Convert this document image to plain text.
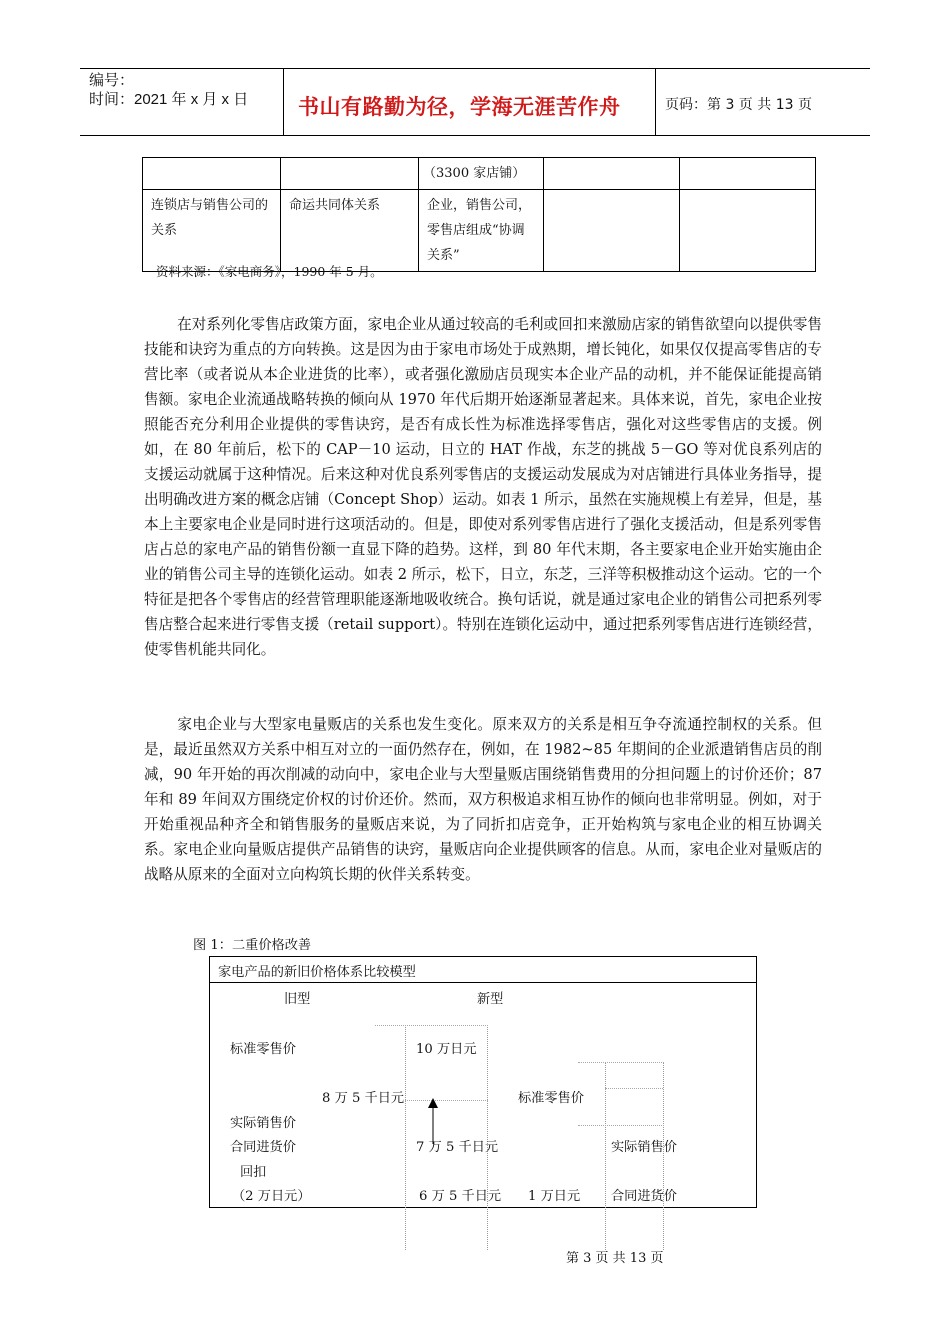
编号：
时间：2021 年 x 月 x 日 书山有路勤为径，学海无涯苦作舟	页码：第 3 页 共 13 页
		（3300 家店铺）		
连锁店与销售公司的关系	命运共同体关系	企业，销售公司，零售店组成“协调关系”		
资料来源：《家电商务》，1990 年 5 月。

在对系列化零售店政策方面，家电企业从通过较高的毛利或回扣来激励店家的销售欲望向以提供零售技能和诀窍为重点的方向转换。这是因为由于家电市场处于成熟期，增长钝化，如果仅仅提高零售店的专营比率（或者说从本企业进货的比率），或者强化激励店员现实本企业产品的动机，并不能保证能提高销售额。家电企业流通战略转换的倾向从 1970 年代后期开始逐渐显著起来。具体来说，首先，家电企业按照能否充分利用企业提供的零售诀窍，是否有成长性为标准选择零售店，强化对这些零售店的支援。例如，在 80 年前后，松下的 CAP－10 运动，日立的 HAT 作战，东芝的挑战 5－GO 等对优良系列店的支援运动就属于这种情况。后来这种对优良系列零售店的支援运动发展成为对店铺进行具体业务指导，提出明确改进方案的概念店铺（Concept Shop）运动。如表 1 所示，虽然在实施规模上有差异，但是，基本上主要家电企业是同时进行这项活动的。但是，即使对系列零售店进行了强化支援活动，但是系列零售店占总的家电产品的销售份额一直显下降的趋势。这样，到 80 年代末期，各主要家电企业开始实施由企业的销售公司主导的连锁化运动。如表 2 所示，松下，日立，东芝，三洋等积极推动这个运动。它的一个特征是把各个零售店的经营管理职能逐渐地吸收统合。换句话说，就是通过家电企业的销售公司把系列零售店整合起来进行零售支援（retail support）。特别在连锁化运动中，通过把系列零售店进行连锁经营，使零售机能共同化。

家电企业与大型家电量贩店的关系也发生变化。原来双方的关系是相互争夺流通控制权的关系。但是，最近虽然双方关系中相互对立的一面仍然存在，例如，在 1982~85 年期间的企业派遣销售店员的削减，90 年开始的再次削减的动向中，家电企业与大型量贩店围绕销售费用的分担问题上的讨价还价；87 年和 89 年间双方围绕定价权的讨价还价。然而，双方积极追求相互协作的倾向也非常明显。例如，对于开始重视品种齐全和销售服务的量贩店来说，为了同折扣店竞争，正开始构筑与家电企业的相互协调关系。家电企业向量贩店提供产品销售的诀窍，量贩店向企业提供顾客的信息。从而，家电企业对量贩店的战略从原来的全面对立向构筑长期的伙伴关系转变。

图 1：二重价格改善
家电产品的新旧价格体系比较模型
旧型	新型
标准零售价	10 万日元
8 万 5 千日元	标准零售价
实际销售价
合同进货价	7 万 5 千日元	实际销售价
回扣
（2 万日元）	6 万 5 千日元 1 万日元 合同进货价
第 3 页 共 13 页
